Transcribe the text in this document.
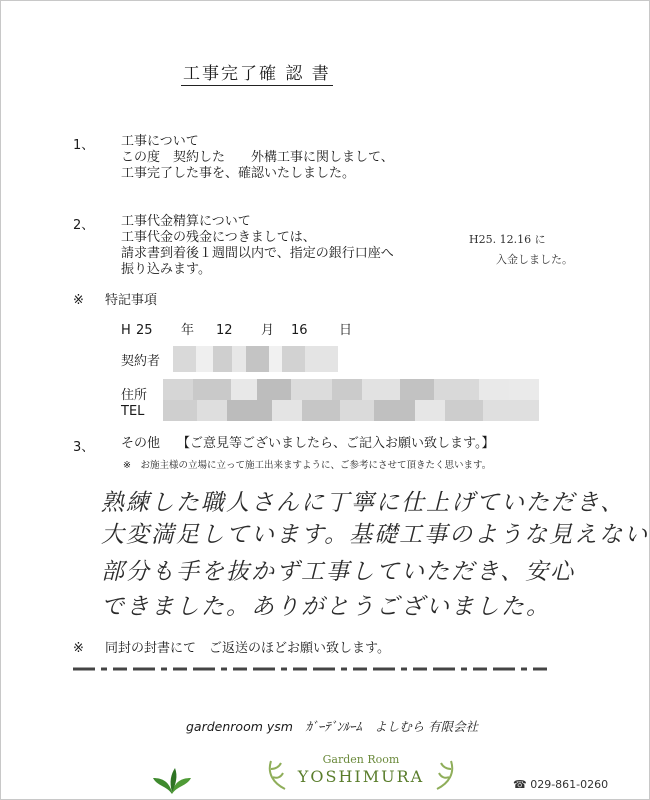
工事完了確 認 書
1、 工事について
この度　契約した　　外構工事に関しまして、
工事完了した事を、確認いたしました。
2、 工事代金精算について
工事代金の残金につきましては、
請求書到着後１週間以内で、指定の銀行口座へ
振り込みます。
H25. 12.16 に
入金しました。
※ 特記事項
H 25 年 12 月 16 日
契約者
住所
TEL
3、 その他 【ご意見等ございましたら、ご記入お願い致します。】
※　お施主様の立場に立って施工出来ますように、ご参考にさせて頂きたく思います。
熟練した職人さんに丁寧に仕上げていただき、
大変満足しています。基礎工事のような見えない
部分も手を抜かず工事していただき、安心
できました。ありがとうございました。
※ 同封の封書にて　ご返送のほどお願い致します。
gardenroom ysm　ｶﾞｰﾃﾞﾝﾙｰﾑ　よしむら 有限会社
Garden Room
YOSHIMURA	☎ 029-861-0260
